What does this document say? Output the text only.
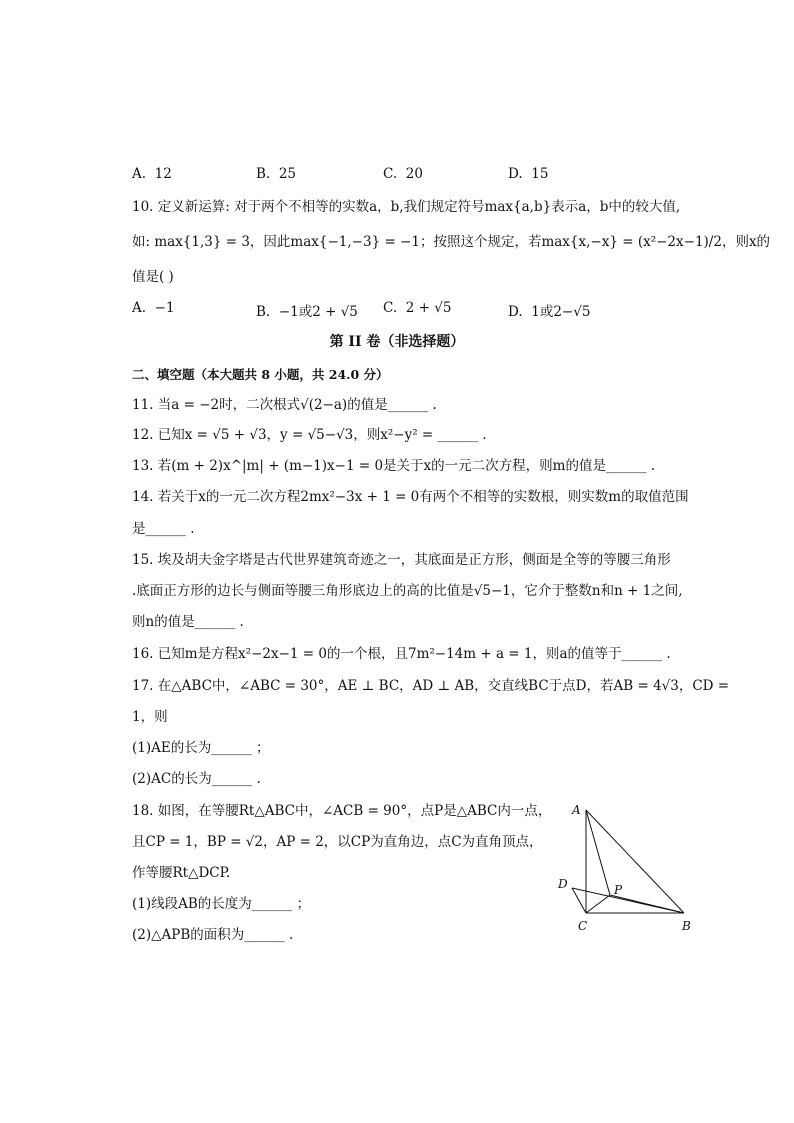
A. 12	B. 25	C. 20	D. 15
10. 定义新运算: 对于两个不相等的实数a，b,我们规定符号max{a,b}表示a，b中的较大值,
如: max{1,3} = 3，因此max{−1,−3} = −1；按照这个规定，若max{x,−x} = (x²−2x−1)/2，则x的
值是( )
A. −1	B. −1或2 + √5 C. 2 + √5	D. 1或2−√5
第 II 卷（非选择题）
二、填空题（本大题共 8 小题，共 24.0 分）
11. 当a = −2时，二次根式√(2−a)的值是______ .
12. 已知x = √5 + √3，y = √5−√3，则x²−y² = ______ .
13. 若(m + 2)x^|m| + (m−1)x−1 = 0是关于x的一元二次方程，则m的值是______ .
14. 若关于x的一元二次方程2mx²−3x + 1 = 0有两个不相等的实数根，则实数m的取值范围
是______ .
15. 埃及胡夫金字塔是古代世界建筑奇迹之一，其底面是正方形，侧面是全等的等腰三角形
.底面正方形的边长与侧面等腰三角形底边上的高的比值是√5−1，它介于整数n和n + 1之间,
则n的值是______ .
16. 已知m是方程x²−2x−1 = 0的一个根，且7m²−14m + a = 1，则a的值等于______ .
17. 在△ABC中，∠ABC = 30°，AE ⊥ BC，AD ⊥ AB，交直线BC于点D，若AB = 4√3，CD =
1，则
(1)AE的长为______ ；
(2)AC的长为______ .
18. 如图，在等腰Rt△ABC中，∠ACB = 90°，点P是△ABC内一点，
且CP = 1，BP = √2，AP = 2，以CP为直角边，点C为直角顶点，
作等腰Rt△DCP.
(1)线段AB的长度为______ ；
(2)△APB的面积为______ .
A
B
C
D	P
